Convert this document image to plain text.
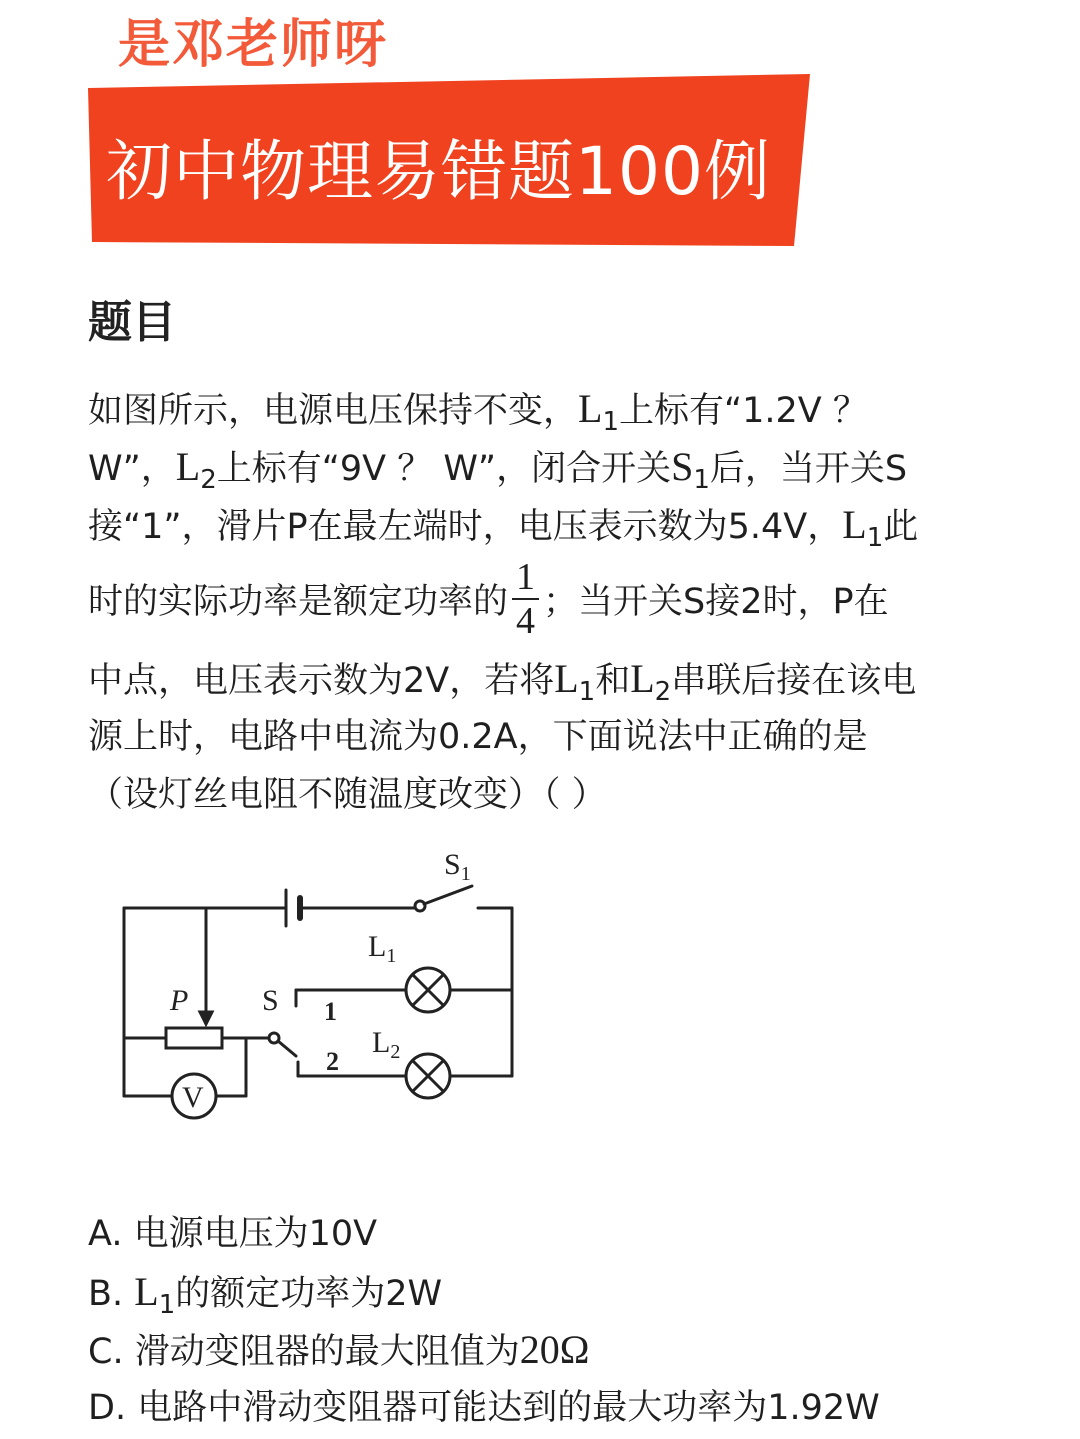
是邓老师呀
初中物理易错题100例
题目
如图所示，电源电压保持不变，$L_1$上标有“1.2V ？
W”，$L_2$上标有“9V ？ W”，闭合开关$S_1$后，当开关S
接“1”，滑片P在最左端时，电压表示数为5.4V，$L_1$此
时的实际功率是额定功率的 $\frac{1}{4}$ ；当开关S接2时，P在
中点，电压表示数为2V，若将$L_1$和$L_2$串联后接在该电
源上时，电路中电流为0.2A，下面说法中正确的是
（设灯丝电阻不随温度改变）（ ）
$S_1$
$L_1$
$L_2$
P S 1
2
V
A. 电源电压为10V
B. $L_1$的额定功率为2W
C. 滑动变阻器的最大阻值为20Ω
D. 电路中滑动变阻器可能达到的最大功率为1.92W
